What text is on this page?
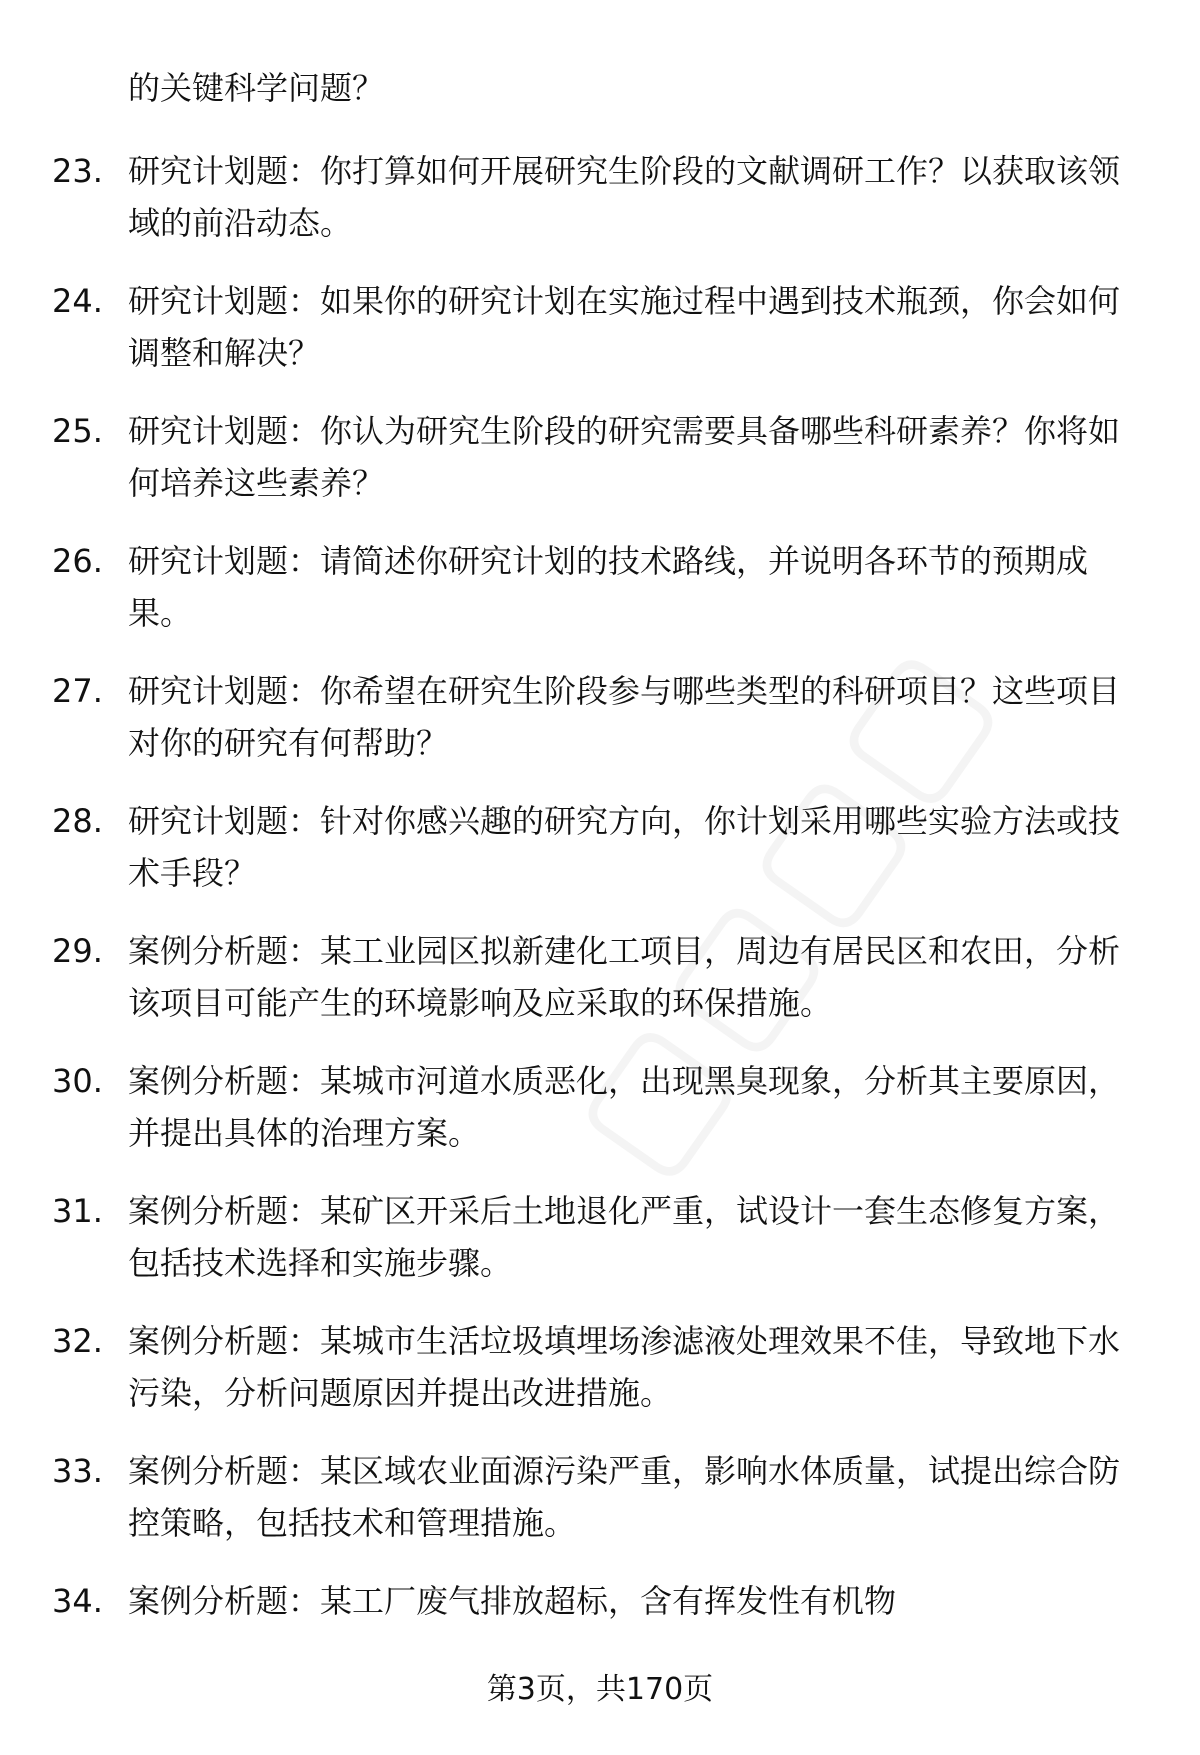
的关键科学问题？
23. 研究计划题：你打算如何开展研究生阶段的文献调研工作？以获取该领域的前沿动态。
24. 研究计划题：如果你的研究计划在实施过程中遇到技术瓶颈，你会如何调整和解决？
25. 研究计划题：你认为研究生阶段的研究需要具备哪些科研素养？你将如何培养这些素养？
26. 研究计划题：请简述你研究计划的技术路线，并说明各环节的预期成果。
27. 研究计划题：你希望在研究生阶段参与哪些类型的科研项目？这些项目对你的研究有何帮助？
28. 研究计划题：针对你感兴趣的研究方向，你计划采用哪些实验方法或技术手段？
29. 案例分析题：某工业园区拟新建化工项目，周边有居民区和农田，分析该项目可能产生的环境影响及应采取的环保措施。
30. 案例分析题：某城市河道水质恶化，出现黑臭现象，分析其主要原因，并提出具体的治理方案。
31. 案例分析题：某矿区开采后土地退化严重，试设计一套生态修复方案，包括技术选择和实施步骤。
32. 案例分析题：某城市生活垃圾填埋场渗滤液处理效果不佳，导致地下水污染，分析问题原因并提出改进措施。
33. 案例分析题：某区域农业面源污染严重，影响水体质量，试提出综合防控策略，包括技术和管理措施。
34. 案例分析题：某工厂废气排放超标，含有挥发性有机物
第3页，共170页
